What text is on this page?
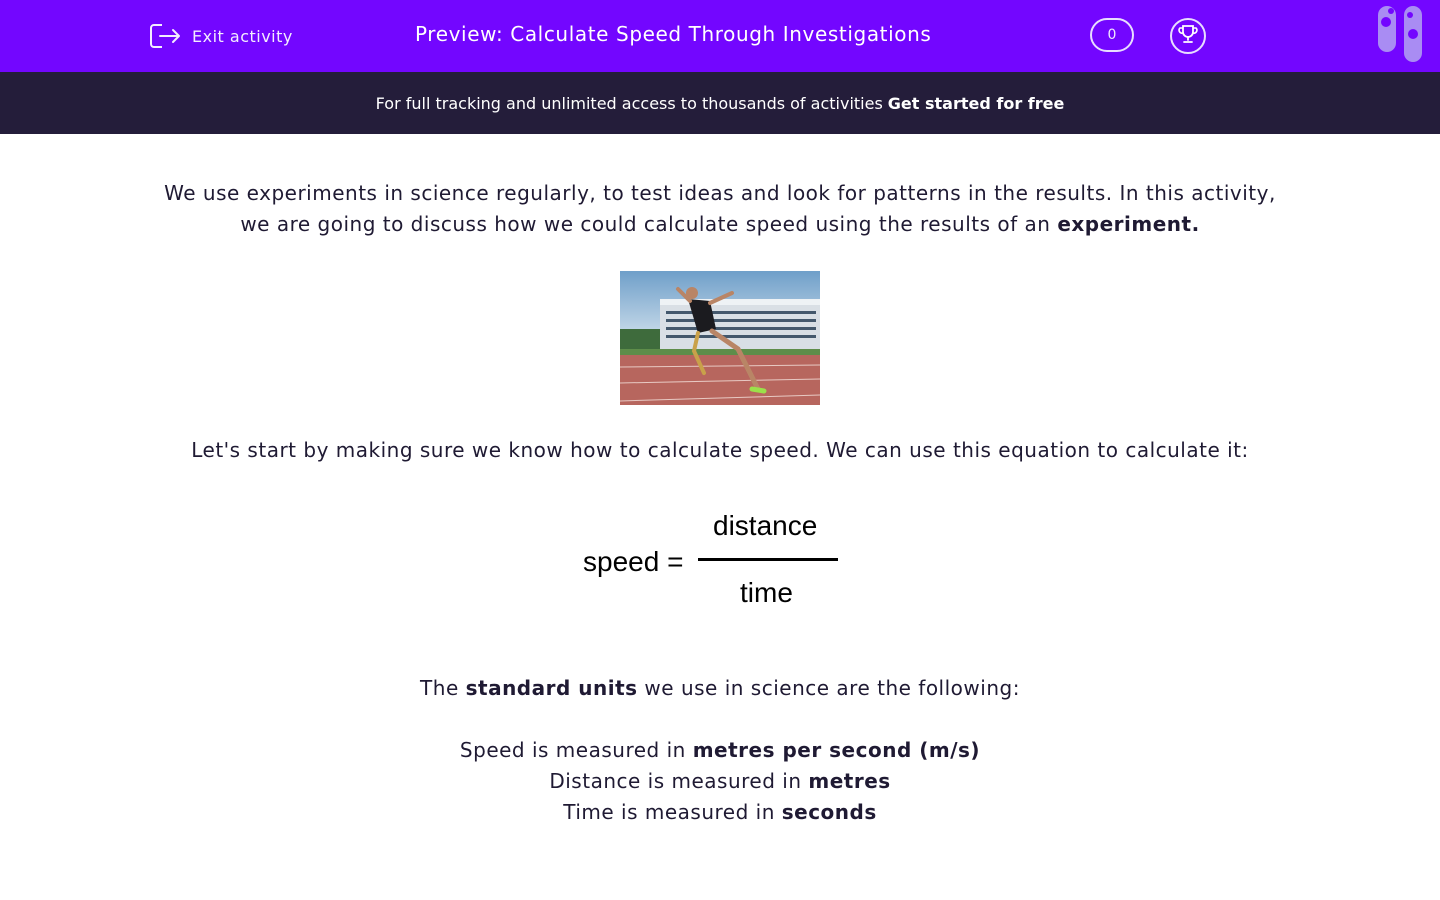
Exit activity	Preview: Calculate Speed Through Investigations	0
For full tracking and unlimited access to thousands of activities Get started for free
We use experiments in science regularly, to test ideas and look for patterns in the results. In this activity, we are going to discuss how we could calculate speed using the results of an experiment.
Let's start by making sure we know how to calculate speed. We can use this equation to calculate it:
speed =
distance
time
The standard units we use in science are the following:
Speed is measured in metres per second (m/s)
Distance is measured in metres
Time is measured in seconds
